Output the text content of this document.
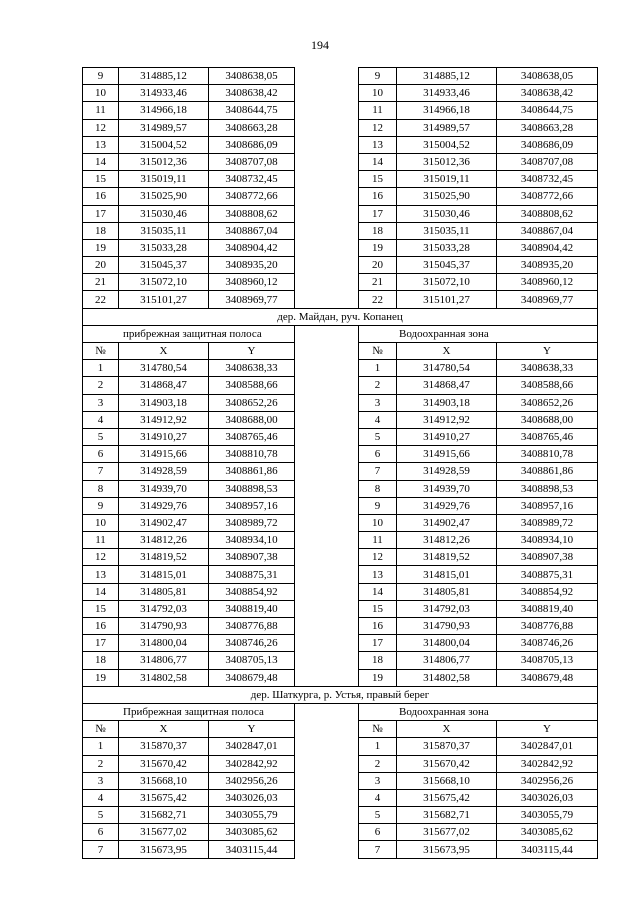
194
9	314885,12	3408638,05		9	314885,12	3408638,05
10	314933,46	3408638,42		10	314933,46	3408638,42
11	314966,18	3408644,75		11	314966,18	3408644,75
12	314989,57	3408663,28		12	314989,57	3408663,28
13	315004,52	3408686,09		13	315004,52	3408686,09
14	315012,36	3408707,08		14	315012,36	3408707,08
15	315019,11	3408732,45		15	315019,11	3408732,45
16	315025,90	3408772,66		16	315025,90	3408772,66
17	315030,46	3408808,62		17	315030,46	3408808,62
18	315035,11	3408867,04		18	315035,11	3408867,04
19	315033,28	3408904,42		19	315033,28	3408904,42
20	315045,37	3408935,20		20	315045,37	3408935,20
21	315072,10	3408960,12		21	315072,10	3408960,12
22	315101,27	3408969,77		22	315101,27	3408969,77
дер. Майдан, руч. Копанец						
прибрежная защитная полоса				Водоохранная зона		
№	X	Y		№	X	Y
1	314780,54	3408638,33		1	314780,54	3408638,33
2	314868,47	3408588,66		2	314868,47	3408588,66
3	314903,18	3408652,26		3	314903,18	3408652,26
4	314912,92	3408688,00		4	314912,92	3408688,00
5	314910,27	3408765,46		5	314910,27	3408765,46
6	314915,66	3408810,78		6	314915,66	3408810,78
7	314928,59	3408861,86		7	314928,59	3408861,86
8	314939,70	3408898,53		8	314939,70	3408898,53
9	314929,76	3408957,16		9	314929,76	3408957,16
10	314902,47	3408989,72		10	314902,47	3408989,72
11	314812,26	3408934,10		11	314812,26	3408934,10
12	314819,52	3408907,38		12	314819,52	3408907,38
13	314815,01	3408875,31		13	314815,01	3408875,31
14	314805,81	3408854,92		14	314805,81	3408854,92
15	314792,03	3408819,40		15	314792,03	3408819,40
16	314790,93	3408776,88		16	314790,93	3408776,88
17	314800,04	3408746,26		17	314800,04	3408746,26
18	314806,77	3408705,13		18	314806,77	3408705,13
19	314802,58	3408679,48		19	314802,58	3408679,48
дер. Шаткурга, р. Устья, правый берег						
Прибрежная защитная полоса				Водоохранная зона		
№	X	Y		№	X	Y
1	315870,37	3402847,01		1	315870,37	3402847,01
2	315670,42	3402842,92		2	315670,42	3402842,92
3	315668,10	3402956,26		3	315668,10	3402956,26
4	315675,42	3403026,03		4	315675,42	3403026,03
5	315682,71	3403055,79		5	315682,71	3403055,79
6	315677,02	3403085,62		6	315677,02	3403085,62
7	315673,95	3403115,44		7	315673,95	3403115,44
